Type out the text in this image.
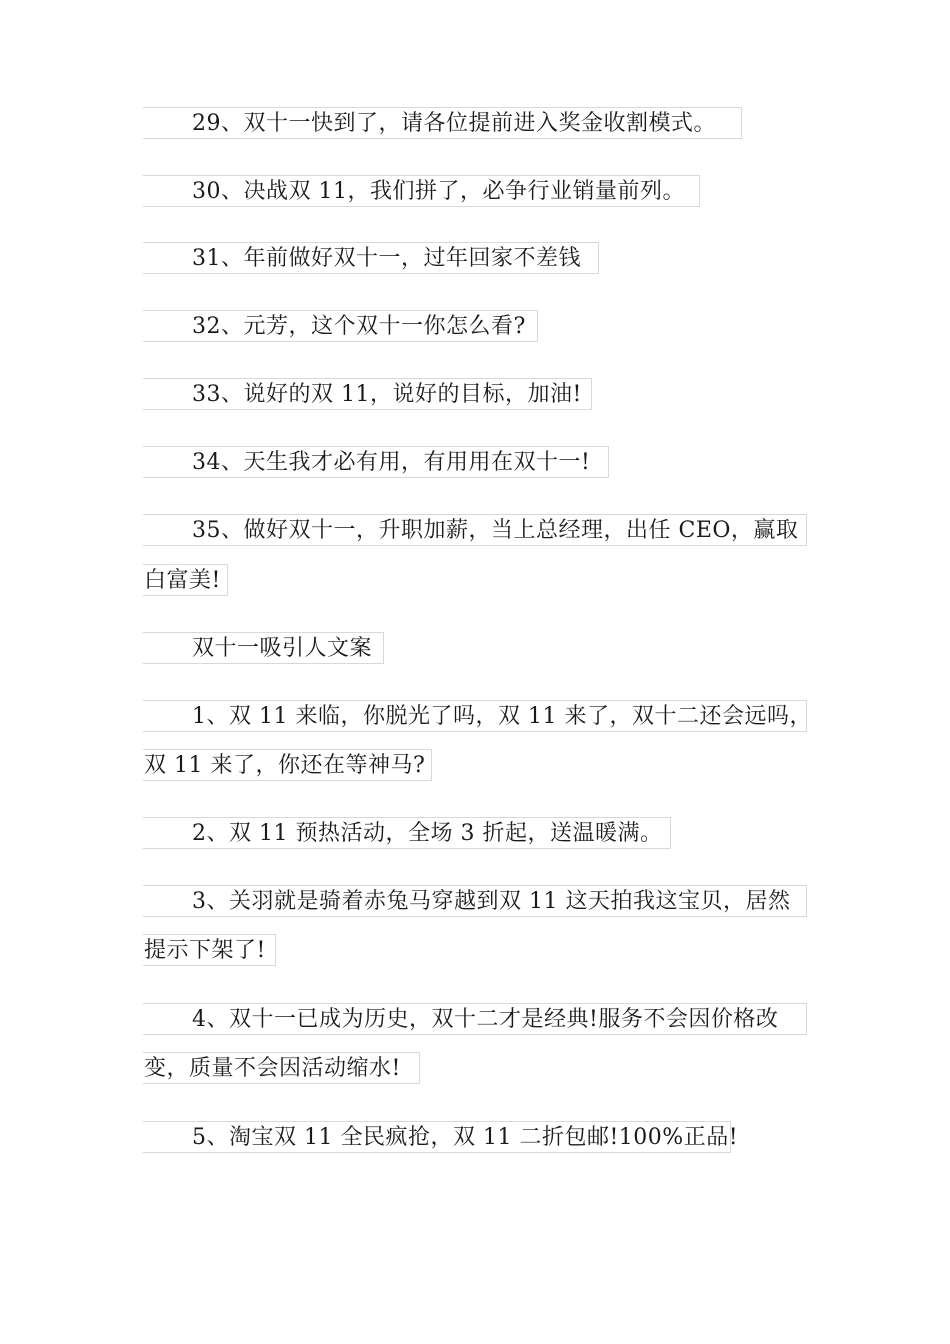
29、双十一快到了，请各位提前进入奖金收割模式。
30、决战双 11，我们拼了，必争行业销量前列。
31、年前做好双十一，过年回家不差钱
32、元芳，这个双十一你怎么看?
33、说好的双 11，说好的目标，加油!
34、天生我才必有用，有用用在双十一!
35、做好双十一，升职加薪，当上总经理，出任 CEO，赢取
白富美!
双十一吸引人文案
1、双 11 来临，你脱光了吗，双 11 来了，双十二还会远吗，
双 11 来了，你还在等神马?
2、双 11 预热活动，全场 3 折起，送温暖满。
3、关羽就是骑着赤兔马穿越到双 11 这天拍我这宝贝，居然
提示下架了!
4、双十一已成为历史，双十二才是经典!服务不会因价格改
变，质量不会因活动缩水!
5、淘宝双 11 全民疯抢，双 11 二折包邮!100%正品!
